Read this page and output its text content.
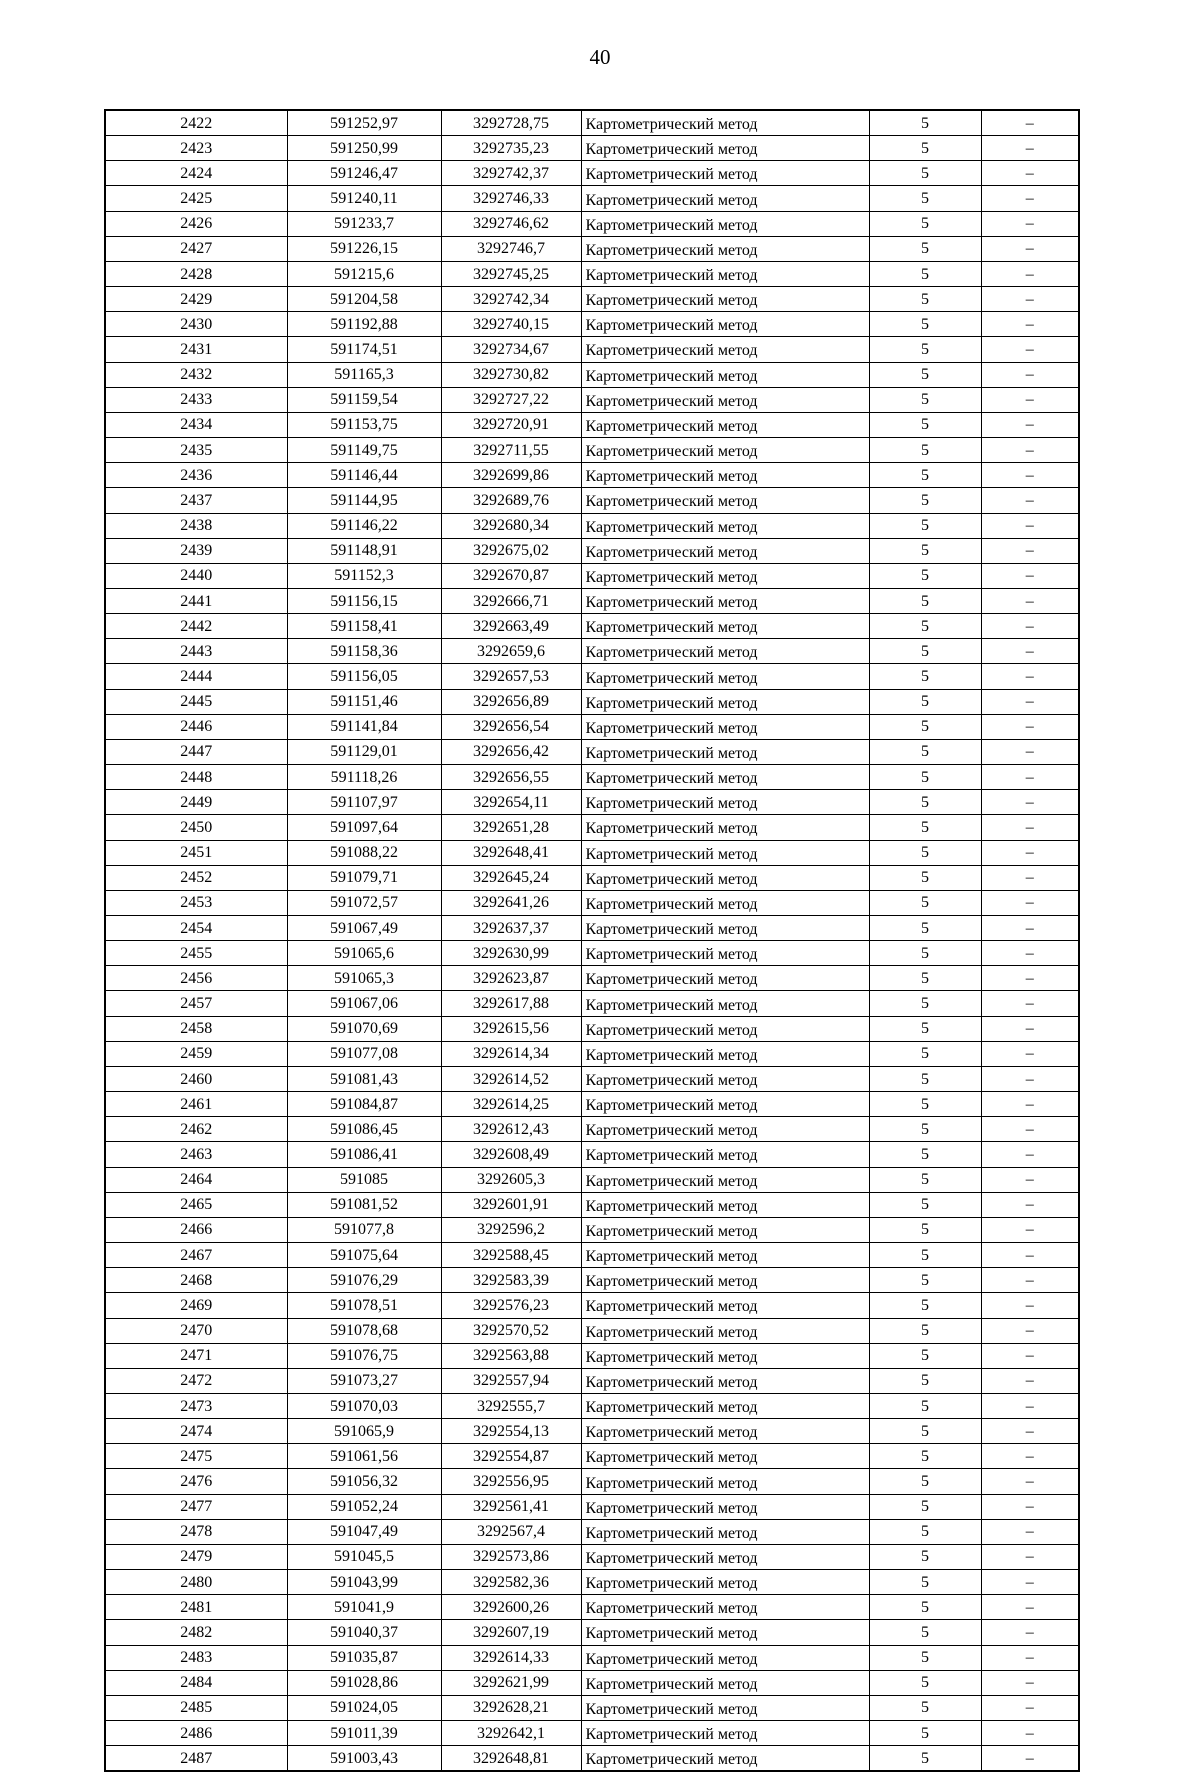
40
2422	591252,97	3292728,75	Картометрический метод	5	–
2423	591250,99	3292735,23	Картометрический метод	5	–
2424	591246,47	3292742,37	Картометрический метод	5	–
2425	591240,11	3292746,33	Картометрический метод	5	–
2426	591233,7	3292746,62	Картометрический метод	5	–
2427	591226,15	3292746,7	Картометрический метод	5	–
2428	591215,6	3292745,25	Картометрический метод	5	–
2429	591204,58	3292742,34	Картометрический метод	5	–
2430	591192,88	3292740,15	Картометрический метод	5	–
2431	591174,51	3292734,67	Картометрический метод	5	–
2432	591165,3	3292730,82	Картометрический метод	5	–
2433	591159,54	3292727,22	Картометрический метод	5	–
2434	591153,75	3292720,91	Картометрический метод	5	–
2435	591149,75	3292711,55	Картометрический метод	5	–
2436	591146,44	3292699,86	Картометрический метод	5	–
2437	591144,95	3292689,76	Картометрический метод	5	–
2438	591146,22	3292680,34	Картометрический метод	5	–
2439	591148,91	3292675,02	Картометрический метод	5	–
2440	591152,3	3292670,87	Картометрический метод	5	–
2441	591156,15	3292666,71	Картометрический метод	5	–
2442	591158,41	3292663,49	Картометрический метод	5	–
2443	591158,36	3292659,6	Картометрический метод	5	–
2444	591156,05	3292657,53	Картометрический метод	5	–
2445	591151,46	3292656,89	Картометрический метод	5	–
2446	591141,84	3292656,54	Картометрический метод	5	–
2447	591129,01	3292656,42	Картометрический метод	5	–
2448	591118,26	3292656,55	Картометрический метод	5	–
2449	591107,97	3292654,11	Картометрический метод	5	–
2450	591097,64	3292651,28	Картометрический метод	5	–
2451	591088,22	3292648,41	Картометрический метод	5	–
2452	591079,71	3292645,24	Картометрический метод	5	–
2453	591072,57	3292641,26	Картометрический метод	5	–
2454	591067,49	3292637,37	Картометрический метод	5	–
2455	591065,6	3292630,99	Картометрический метод	5	–
2456	591065,3	3292623,87	Картометрический метод	5	–
2457	591067,06	3292617,88	Картометрический метод	5	–
2458	591070,69	3292615,56	Картометрический метод	5	–
2459	591077,08	3292614,34	Картометрический метод	5	–
2460	591081,43	3292614,52	Картометрический метод	5	–
2461	591084,87	3292614,25	Картометрический метод	5	–
2462	591086,45	3292612,43	Картометрический метод	5	–
2463	591086,41	3292608,49	Картометрический метод	5	–
2464	591085	3292605,3	Картометрический метод	5	–
2465	591081,52	3292601,91	Картометрический метод	5	–
2466	591077,8	3292596,2	Картометрический метод	5	–
2467	591075,64	3292588,45	Картометрический метод	5	–
2468	591076,29	3292583,39	Картометрический метод	5	–
2469	591078,51	3292576,23	Картометрический метод	5	–
2470	591078,68	3292570,52	Картометрический метод	5	–
2471	591076,75	3292563,88	Картометрический метод	5	–
2472	591073,27	3292557,94	Картометрический метод	5	–
2473	591070,03	3292555,7	Картометрический метод	5	–
2474	591065,9	3292554,13	Картометрический метод	5	–
2475	591061,56	3292554,87	Картометрический метод	5	–
2476	591056,32	3292556,95	Картометрический метод	5	–
2477	591052,24	3292561,41	Картометрический метод	5	–
2478	591047,49	3292567,4	Картометрический метод	5	–
2479	591045,5	3292573,86	Картометрический метод	5	–
2480	591043,99	3292582,36	Картометрический метод	5	–
2481	591041,9	3292600,26	Картометрический метод	5	–
2482	591040,37	3292607,19	Картометрический метод	5	–
2483	591035,87	3292614,33	Картометрический метод	5	–
2484	591028,86	3292621,99	Картометрический метод	5	–
2485	591024,05	3292628,21	Картометрический метод	5	–
2486	591011,39	3292642,1	Картометрический метод	5	–
2487	591003,43	3292648,81	Картометрический метод	5	–
